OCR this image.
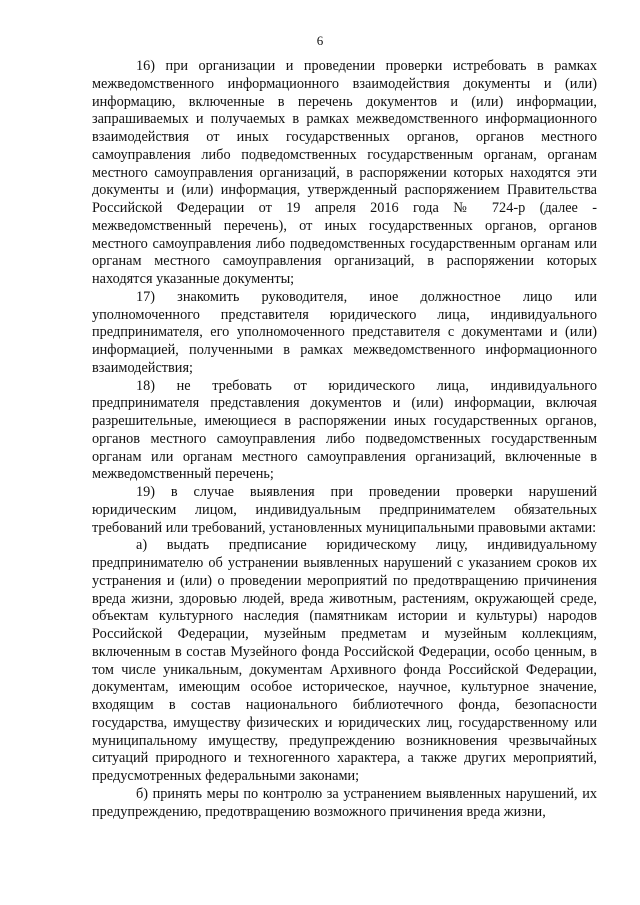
6

16) при организации и проведении проверки истребовать в рамках межведомственного информационного взаимодействия документы и (или) информацию, включенные в перечень документов и (или) информации, запрашиваемых и получаемых в рамках межведомственного информационного взаимодействия от иных государственных органов, органов местного самоуправления либо подведомственных государственным органам, органам местного самоуправления организаций, в распоряжении которых находятся эти документы и (или) информация, утвержденный распоряжением Правительства Российской Федерации от 19 апреля 2016 года № 724-р (далее - межведомственный перечень), от иных государственных органов, органов местного самоуправления либо подведомственных государственным органам или органам местного самоуправления организаций, в распоряжении которых находятся указанные документы;

17) знакомить руководителя, иное должностное лицо или уполномоченного представителя юридического лица, индивидуального предпринимателя, его уполномоченного представителя с документами и (или) информацией, полученными в рамках межведомственного информационного взаимодействия;

18) не требовать от юридического лица, индивидуального предпринимателя представления документов и (или) информации, включая разрешительные, имеющиеся в распоряжении иных государственных органов, органов местного самоуправления либо подведомственных государственным органам или органам местного самоуправления организаций, включенные в межведомственный перечень;

19) в случае выявления при проведении проверки нарушений юридическим лицом, индивидуальным предпринимателем обязательных требований или требований, установленных муниципальными правовыми актами:

а) выдать предписание юридическому лицу, индивидуальному предпринимателю об устранении выявленных нарушений с указанием сроков их устранения и (или) о проведении мероприятий по предотвращению причинения вреда жизни, здоровью людей, вреда животным, растениям, окружающей среде, объектам культурного наследия (памятникам истории и культуры) народов Российской Федерации, музейным предметам и музейным коллекциям, включенным в состав Музейного фонда Российской Федерации, особо ценным, в том числе уникальным, документам Архивного фонда Российской Федерации, документам, имеющим особое историческое, научное, культурное значение, входящим в состав национального библиотечного фонда, безопасности государства, имуществу физических и юридических лиц, государственному или муниципальному имуществу, предупреждению возникновения чрезвычайных ситуаций природного и техногенного характера, а также других мероприятий, предусмотренных федеральными законами;

б) принять меры по контролю за устранением выявленных нарушений, их предупреждению, предотвращению возможного причинения вреда жизни,
